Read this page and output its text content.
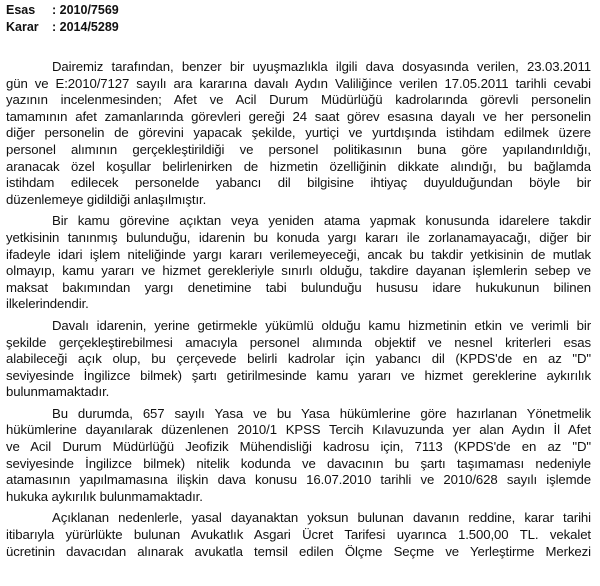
Esas	: 2010/7569
Karar	: 2014/5289
Dairemiz tarafından, benzer bir uyuşmazlıkla ilgili dava dosyasında verilen, 23.03.2011
gün ve E:2010/7127 sayılı ara kararına davalı Aydın Valiliğince verilen 17.05.2011 tarihli cevabi
yazının incelenmesinden; Afet ve Acil Durum Müdürlüğü kadrolarında görevli personelin
tamamının afet zamanlarında görevleri gereği 24 saat görev esasına dayalı ve her personelin
diğer personelin de görevini yapacak şekilde, yurtiçi ve yurtdışında istihdam edilmek üzere
personel alımının gerçekleştirildiği ve personel politikasının buna göre yapılandırıldığı,
aranacak özel koşullar belirlenirken de hizmetin özelliğinin dikkate alındığı, bu bağlamda
istihdam edilecek personelde yabancı dil bilgisine ihtiyaç duyulduğundan böyle bir
düzenlemeye gidildiği anlaşılmıştır.
Bir kamu görevine açıktan veya yeniden atama yapmak konusunda idarelere takdir
yetkisinin tanınmış bulunduğu, idarenin bu konuda yargı kararı ile zorlanamayacağı, diğer bir
ifadeyle idari işlem niteliğinde yargı kararı verilemeyeceği, ancak bu takdir yetkisinin de mutlak
olmayıp, kamu yararı ve hizmet gerekleriyle sınırlı olduğu, takdire dayanan işlemlerin sebep ve
maksat bakımından yargı denetimine tabi bulunduğu hususu idare hukukunun bilinen
ilkelerindendir.
Davalı idarenin, yerine getirmekle yükümlü olduğu kamu hizmetinin etkin ve verimli bir
şekilde gerçekleştirebilmesi amacıyla personel alımında objektif ve nesnel kriterleri esas
alabileceği açık olup, bu çerçevede belirli kadrolar için yabancı dil (KPDS'de en az "D"
seviyesinde İngilizce bilmek) şartı getirilmesinde kamu yararı ve hizmet gereklerine aykırılık
bulunmamaktadır.
Bu durumda, 657 sayılı Yasa ve bu Yasa hükümlerine göre hazırlanan Yönetmelik
hükümlerine dayanılarak düzenlenen 2010/1 KPSS Tercih Kılavuzunda yer alan Aydın İl Afet
ve Acil Durum Müdürlüğü Jeofizik Mühendisliği kadrosu için, 7113 (KPDS'de en az "D"
seviyesinde İngilizce bilmek) nitelik kodunda ve davacının bu şartı taşımaması nedeniyle
atamasının yapılmamasına ilişkin dava konusu 16.07.2010 tarihli ve 2010/628 sayılı işlemde
hukuka aykırılık bulunmamaktadır.
Açıklanan nedenlerle, yasal dayanaktan yoksun bulunan davanın reddine, karar tarihi
itibarıyla yürürlükte bulunan Avukatlık Asgari Ücret Tarifesi uyarınca 1.500,00 TL. vekalet
ücretinin davacıdan alınarak avukatla temsil edilen Ölçme Seçme ve Yerleştirme Merkezi
